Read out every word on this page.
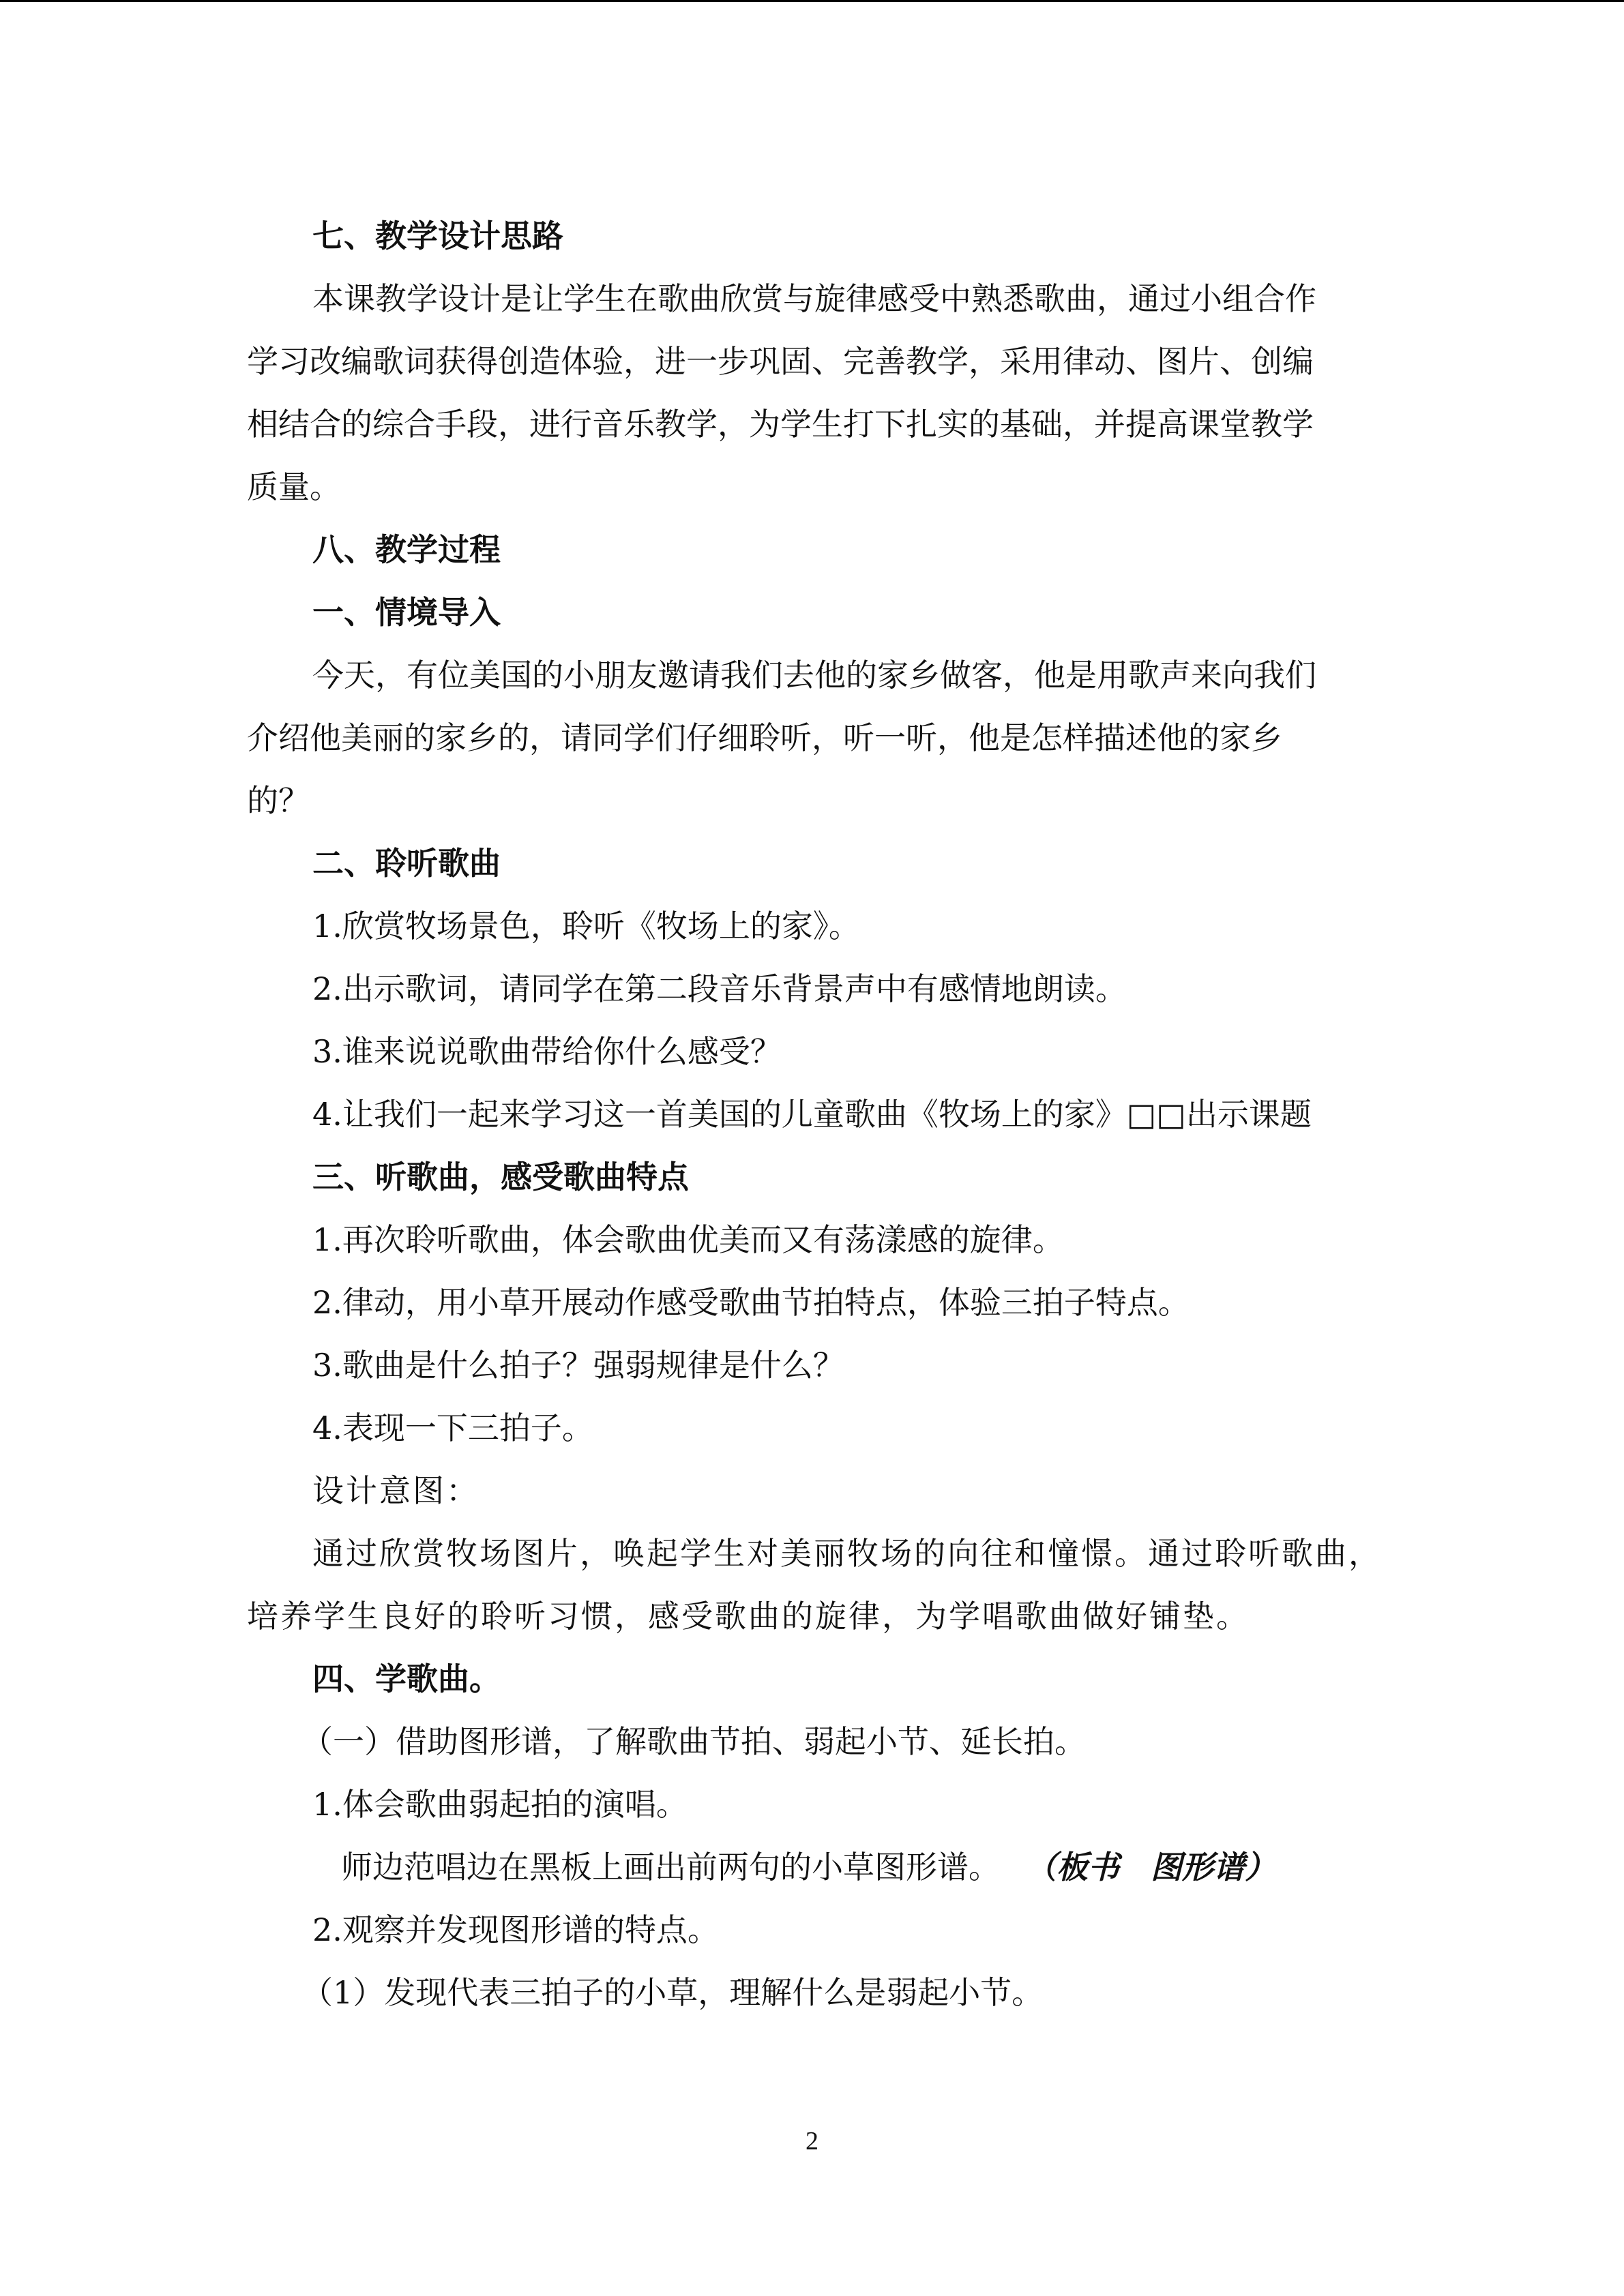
七、教学设计思路
本课教学设计是让学生在歌曲欣赏与旋律感受中熟悉歌曲，通过小组合作
学习改编歌词获得创造体验，进一步巩固、完善教学，采用律动、图片、创编
相结合的综合手段，进行音乐教学，为学生打下扎实的基础，并提高课堂教学
质量。
八、教学过程
一、情境导入
今天，有位美国的小朋友邀请我们去他的家乡做客，他是用歌声来向我们
介绍他美丽的家乡的，请同学们仔细聆听，听一听，他是怎样描述他的家乡
的？
二、聆听歌曲
1.欣赏牧场景色，聆听《牧场上的家》。
2.出示歌词，请同学在第二段音乐背景声中有感情地朗读。
3.谁来说说歌曲带给你什么感受？
4.让我们一起来学习这一首美国的儿童歌曲《牧场上的家》□□出示课题
三、听歌曲，感受歌曲特点
1.再次聆听歌曲，体会歌曲优美而又有荡漾感的旋律。
2.律动，用小草开展动作感受歌曲节拍特点，体验三拍子特点。
3.歌曲是什么拍子？强弱规律是什么？
4.表现一下三拍子。
设计意图：
通过欣赏牧场图片，唤起学生对美丽牧场的向往和憧憬。通过聆听歌曲，
培养学生良好的聆听习惯，感受歌曲的旋律，为学唱歌曲做好铺垫。
四、学歌曲。
（一）借助图形谱，了解歌曲节拍、弱起小节、延长拍。
1.体会歌曲弱起拍的演唱。
师边范唱边在黑板上画出前两句的小草图形谱。 （板书　图形谱）
2.观察并发现图形谱的特点。
（1）发现代表三拍子的小草，理解什么是弱起小节。
2
